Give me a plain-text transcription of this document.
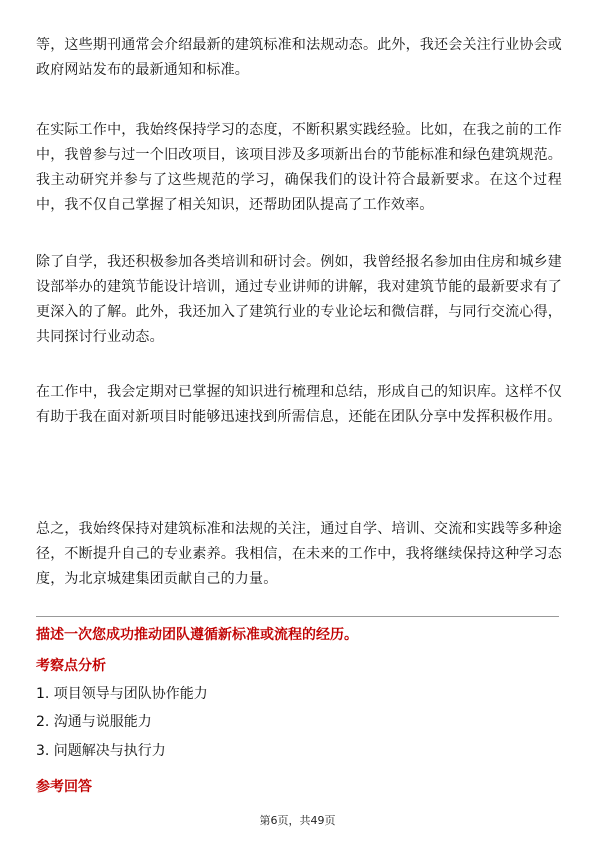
等，这些期刊通常会介绍最新的建筑标准和法规动态。此外，我还会关注行业协会或政府网站发布的最新通知和标准。

在实际工作中，我始终保持学习的态度，不断积累实践经验。比如，在我之前的工作中，我曾参与过一个旧改项目，该项目涉及多项新出台的节能标准和绿色建筑规范。我主动研究并参与了这些规范的学习，确保我们的设计符合最新要求。在这个过程中，我不仅自己掌握了相关知识，还帮助团队提高了工作效率。

除了自学，我还积极参加各类培训和研讨会。例如，我曾经报名参加由住房和城乡建设部举办的建筑节能设计培训，通过专业讲师的讲解，我对建筑节能的最新要求有了更深入的了解。此外，我还加入了建筑行业的专业论坛和微信群，与同行交流心得，共同探讨行业动态。

在工作中，我会定期对已掌握的知识进行梳理和总结，形成自己的知识库。这样不仅有助于我在面对新项目时能够迅速找到所需信息，还能在团队分享中发挥积极作用。

总之，我始终保持对建筑标准和法规的关注，通过自学、培训、交流和实践等多种途径，不断提升自己的专业素养。我相信，在未来的工作中，我将继续保持这种学习态度，为北京城建集团贡献自己的力量。

描述一次您成功推动团队遵循新标准或流程的经历。

考察点分析

1. 项目领导与团队协作能力

2. 沟通与说服能力

3. 问题解决与执行力

参考回答

第6页，共49页
